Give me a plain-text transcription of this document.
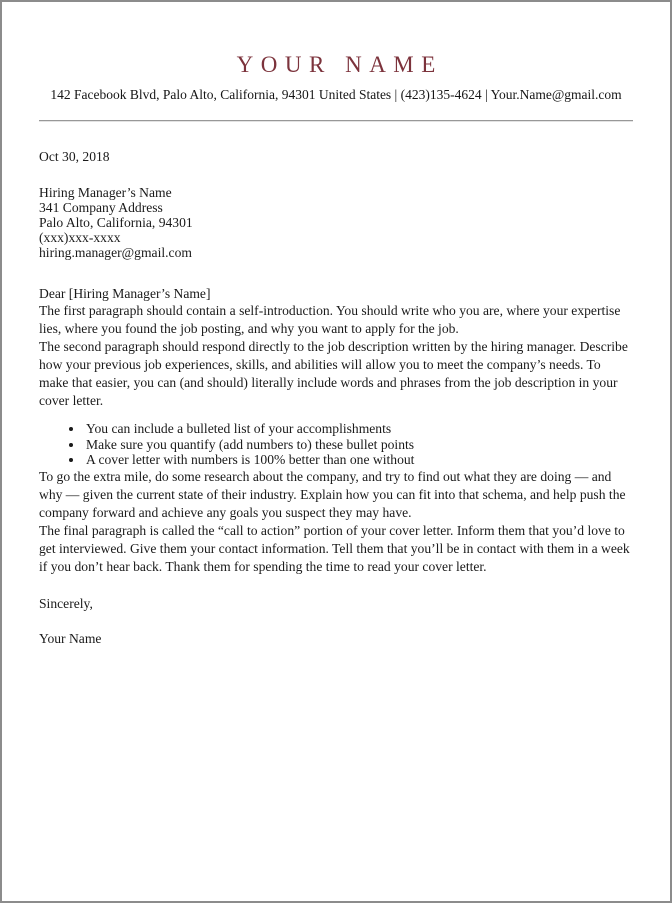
YOUR NAME
142 Facebook Blvd, Palo Alto, California, 94301 United States | (423)135-4624 | Your.Name@gmail.com
Oct 30, 2018
Hiring Manager’s Name
341 Company Address
Palo Alto, California, 94301
(xxx)xxx-xxxx
hiring.manager@gmail.com
Dear [Hiring Manager’s Name]

The first paragraph should contain a self-introduction. You should write who you are, where your expertise lies, where you found the job posting, and why you want to apply for the job.

The second paragraph should respond directly to the job description written by the hiring manager. Describe how your previous job experiences, skills, and abilities will allow you to meet the company’s needs. To make that easier, you can (and should) literally include words and phrases from the job description in your cover letter.

• You can include a bulleted list of your accomplishments
• Make sure you quantify (add numbers to) these bullet points
• A cover letter with numbers is 100% better than one without

To go the extra mile, do some research about the company, and try to find out what they are doing — and why — given the current state of their industry. Explain how you can fit into that schema, and help push the company forward and achieve any goals you suspect they may have.

The final paragraph is called the “call to action” portion of your cover letter. Inform them that you’d love to get interviewed. Give them your contact information. Tell them that you’ll be in contact with them in a week if you don’t hear back. Thank them for spending the time to read your cover letter.

Sincerely,
Your Name
